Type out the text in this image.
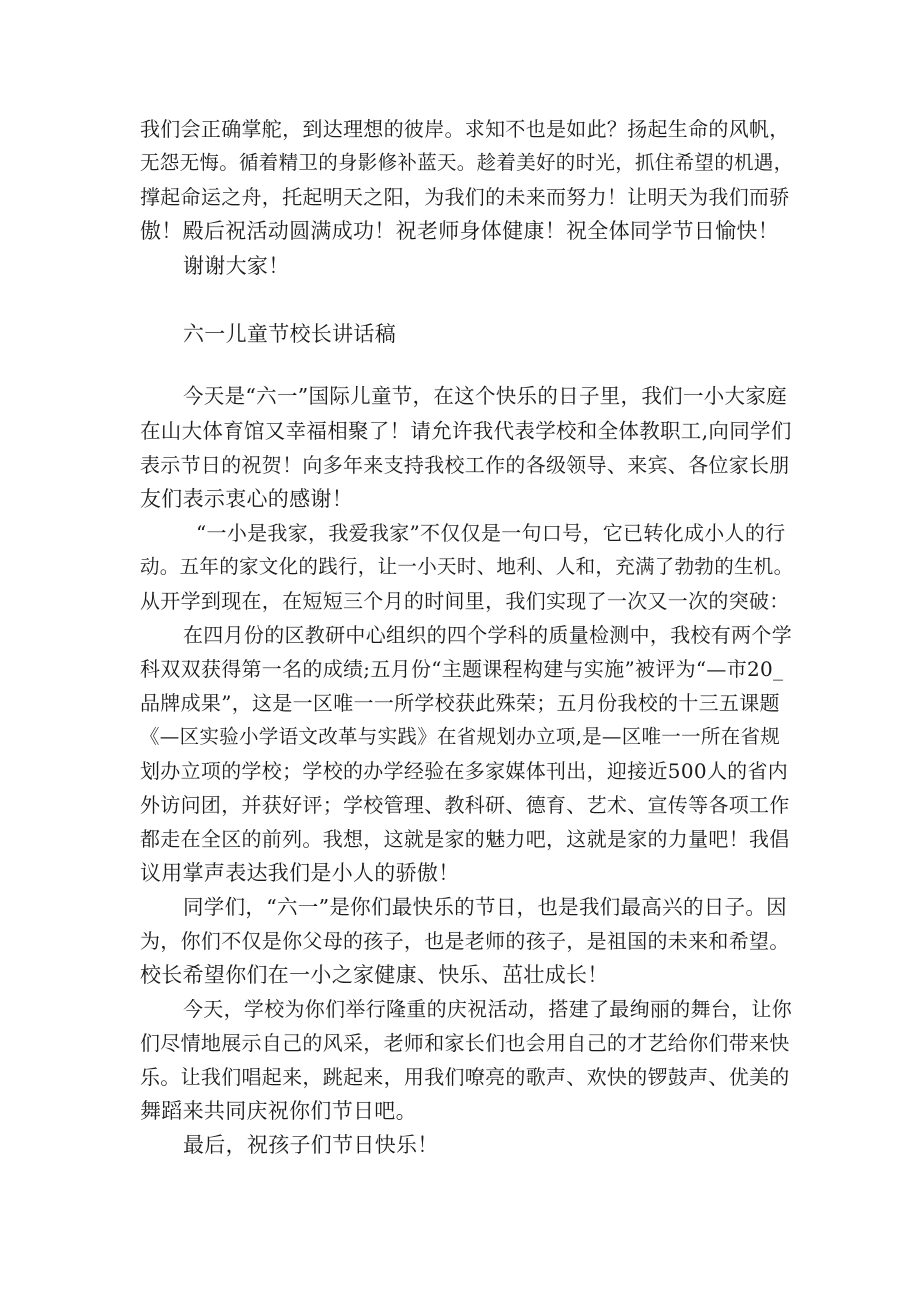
我们会正确掌舵，到达理想的彼岸。求知不也是如此？扬起生命的风帆，
无怨无悔。循着精卫的身影修补蓝天。趁着美好的时光，抓住希望的机遇，
撑起命运之舟，托起明天之阳，为我们的未来而努力！让明天为我们而骄
傲！殿后祝活动圆满成功！祝老师身体健康！祝全体同学节日愉快！
谢谢大家！
六一儿童节校长讲话稿
今天是“六一”国际儿童节，在这个快乐的日子里，我们一小大家庭
在山大体育馆又幸福相聚了！请允许我代表学校和全体教职工,向同学们
表示节日的祝贺！向多年来支持我校工作的各级领导、来宾、各位家长朋
友们表示衷心的感谢！
“一小是我家，我爱我家”不仅仅是一句口号，它已转化成小人的行
动。五年的家文化的践行，让一小天时、地利、人和，充满了勃勃的生机。
从开学到现在，在短短三个月的时间里，我们实现了一次又一次的突破：
在四月份的区教研中心组织的四个学科的质量检测中，我校有两个学
科双双获得第一名的成绩;五月份“主题课程构建与实施”被评为“—市20_
品牌成果”，这是一区唯一一所学校获此殊荣；五月份我校的十三五课题
《—区实验小学语文改革与实践》在省规划办立项,是—区唯一一所在省规
划办立项的学校；学校的办学经验在多家媒体刊出，迎接近500人的省内
外访问团，并获好评；学校管理、教科研、德育、艺术、宣传等各项工作
都走在全区的前列。我想，这就是家的魅力吧，这就是家的力量吧！我倡
议用掌声表达我们是小人的骄傲！
同学们，“六一”是你们最快乐的节日，也是我们最高兴的日子。因
为，你们不仅是你父母的孩子，也是老师的孩子，是祖国的未来和希望。
校长希望你们在一小之家健康、快乐、茁壮成长！
今天，学校为你们举行隆重的庆祝活动，搭建了最绚丽的舞台，让你
们尽情地展示自己的风采，老师和家长们也会用自己的才艺给你们带来快
乐。让我们唱起来，跳起来，用我们嘹亮的歌声、欢快的锣鼓声、优美的
舞蹈来共同庆祝你们节日吧。
最后，祝孩子们节日快乐！
